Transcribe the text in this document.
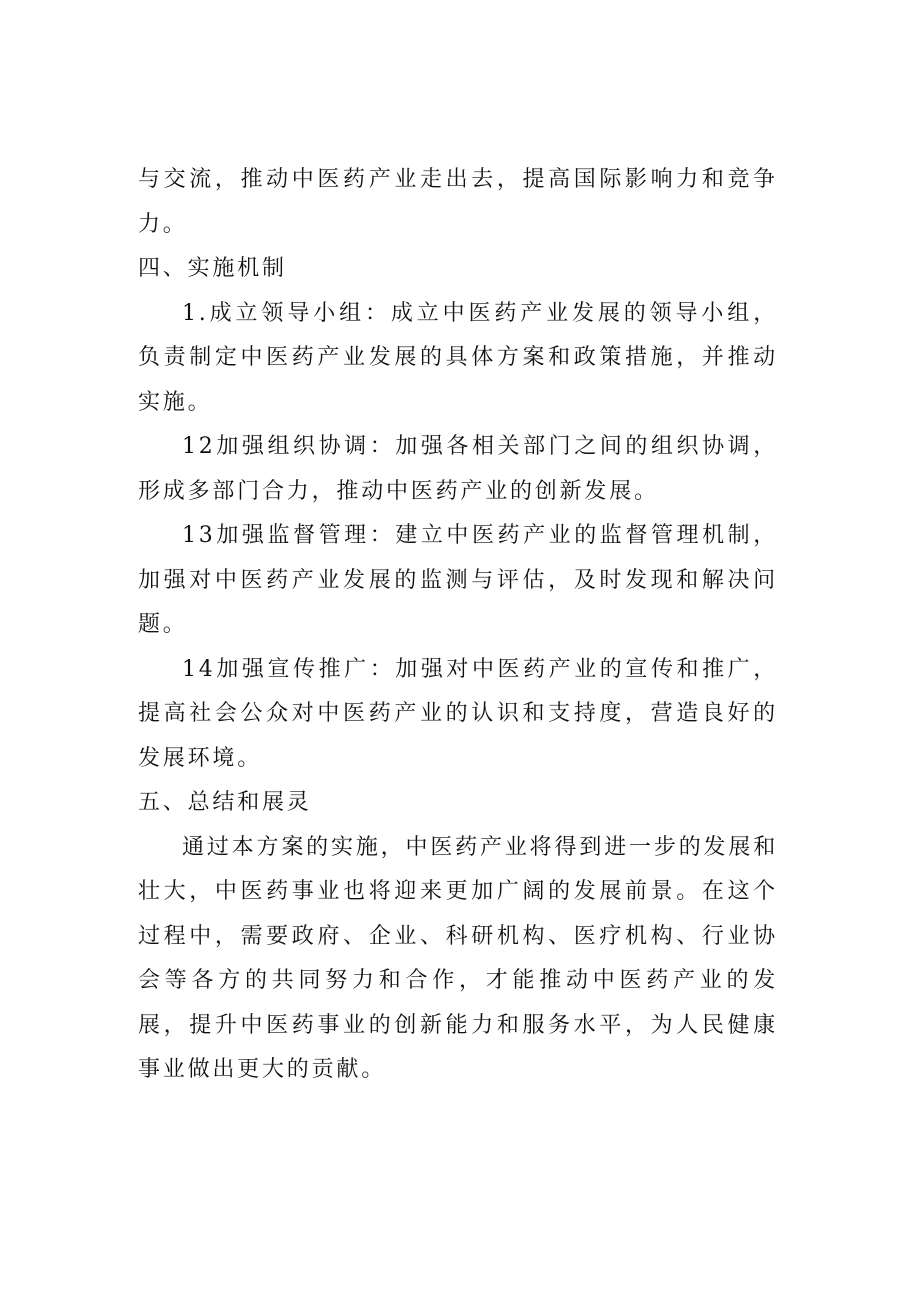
与交流，推动中医药产业走出去，提高国际影响力和竞争力。

四、实施机制

1.成立领导小组：成立中医药产业发展的领导小组，负责制定中医药产业发展的具体方案和政策措施，并推动实施。

12加强组织协调：加强各相关部门之间的组织协调，形成多部门合力，推动中医药产业的创新发展。

13加强监督管理：建立中医药产业的监督管理机制，加强对中医药产业发展的监测与评估，及时发现和解决问题。

14加强宣传推广：加强对中医药产业的宣传和推广，提高社会公众对中医药产业的认识和支持度，营造良好的发展环境。

五、总结和展灵

通过本方案的实施，中医药产业将得到进一步的发展和壮大，中医药事业也将迎来更加广阔的发展前景。在这个过程中，需要政府、企业、科研机构、医疗机构、行业协会等各方的共同努力和合作，才能推动中医药产业的发展，提升中医药事业的创新能力和服务水平，为人民健康事业做出更大的贡献。
